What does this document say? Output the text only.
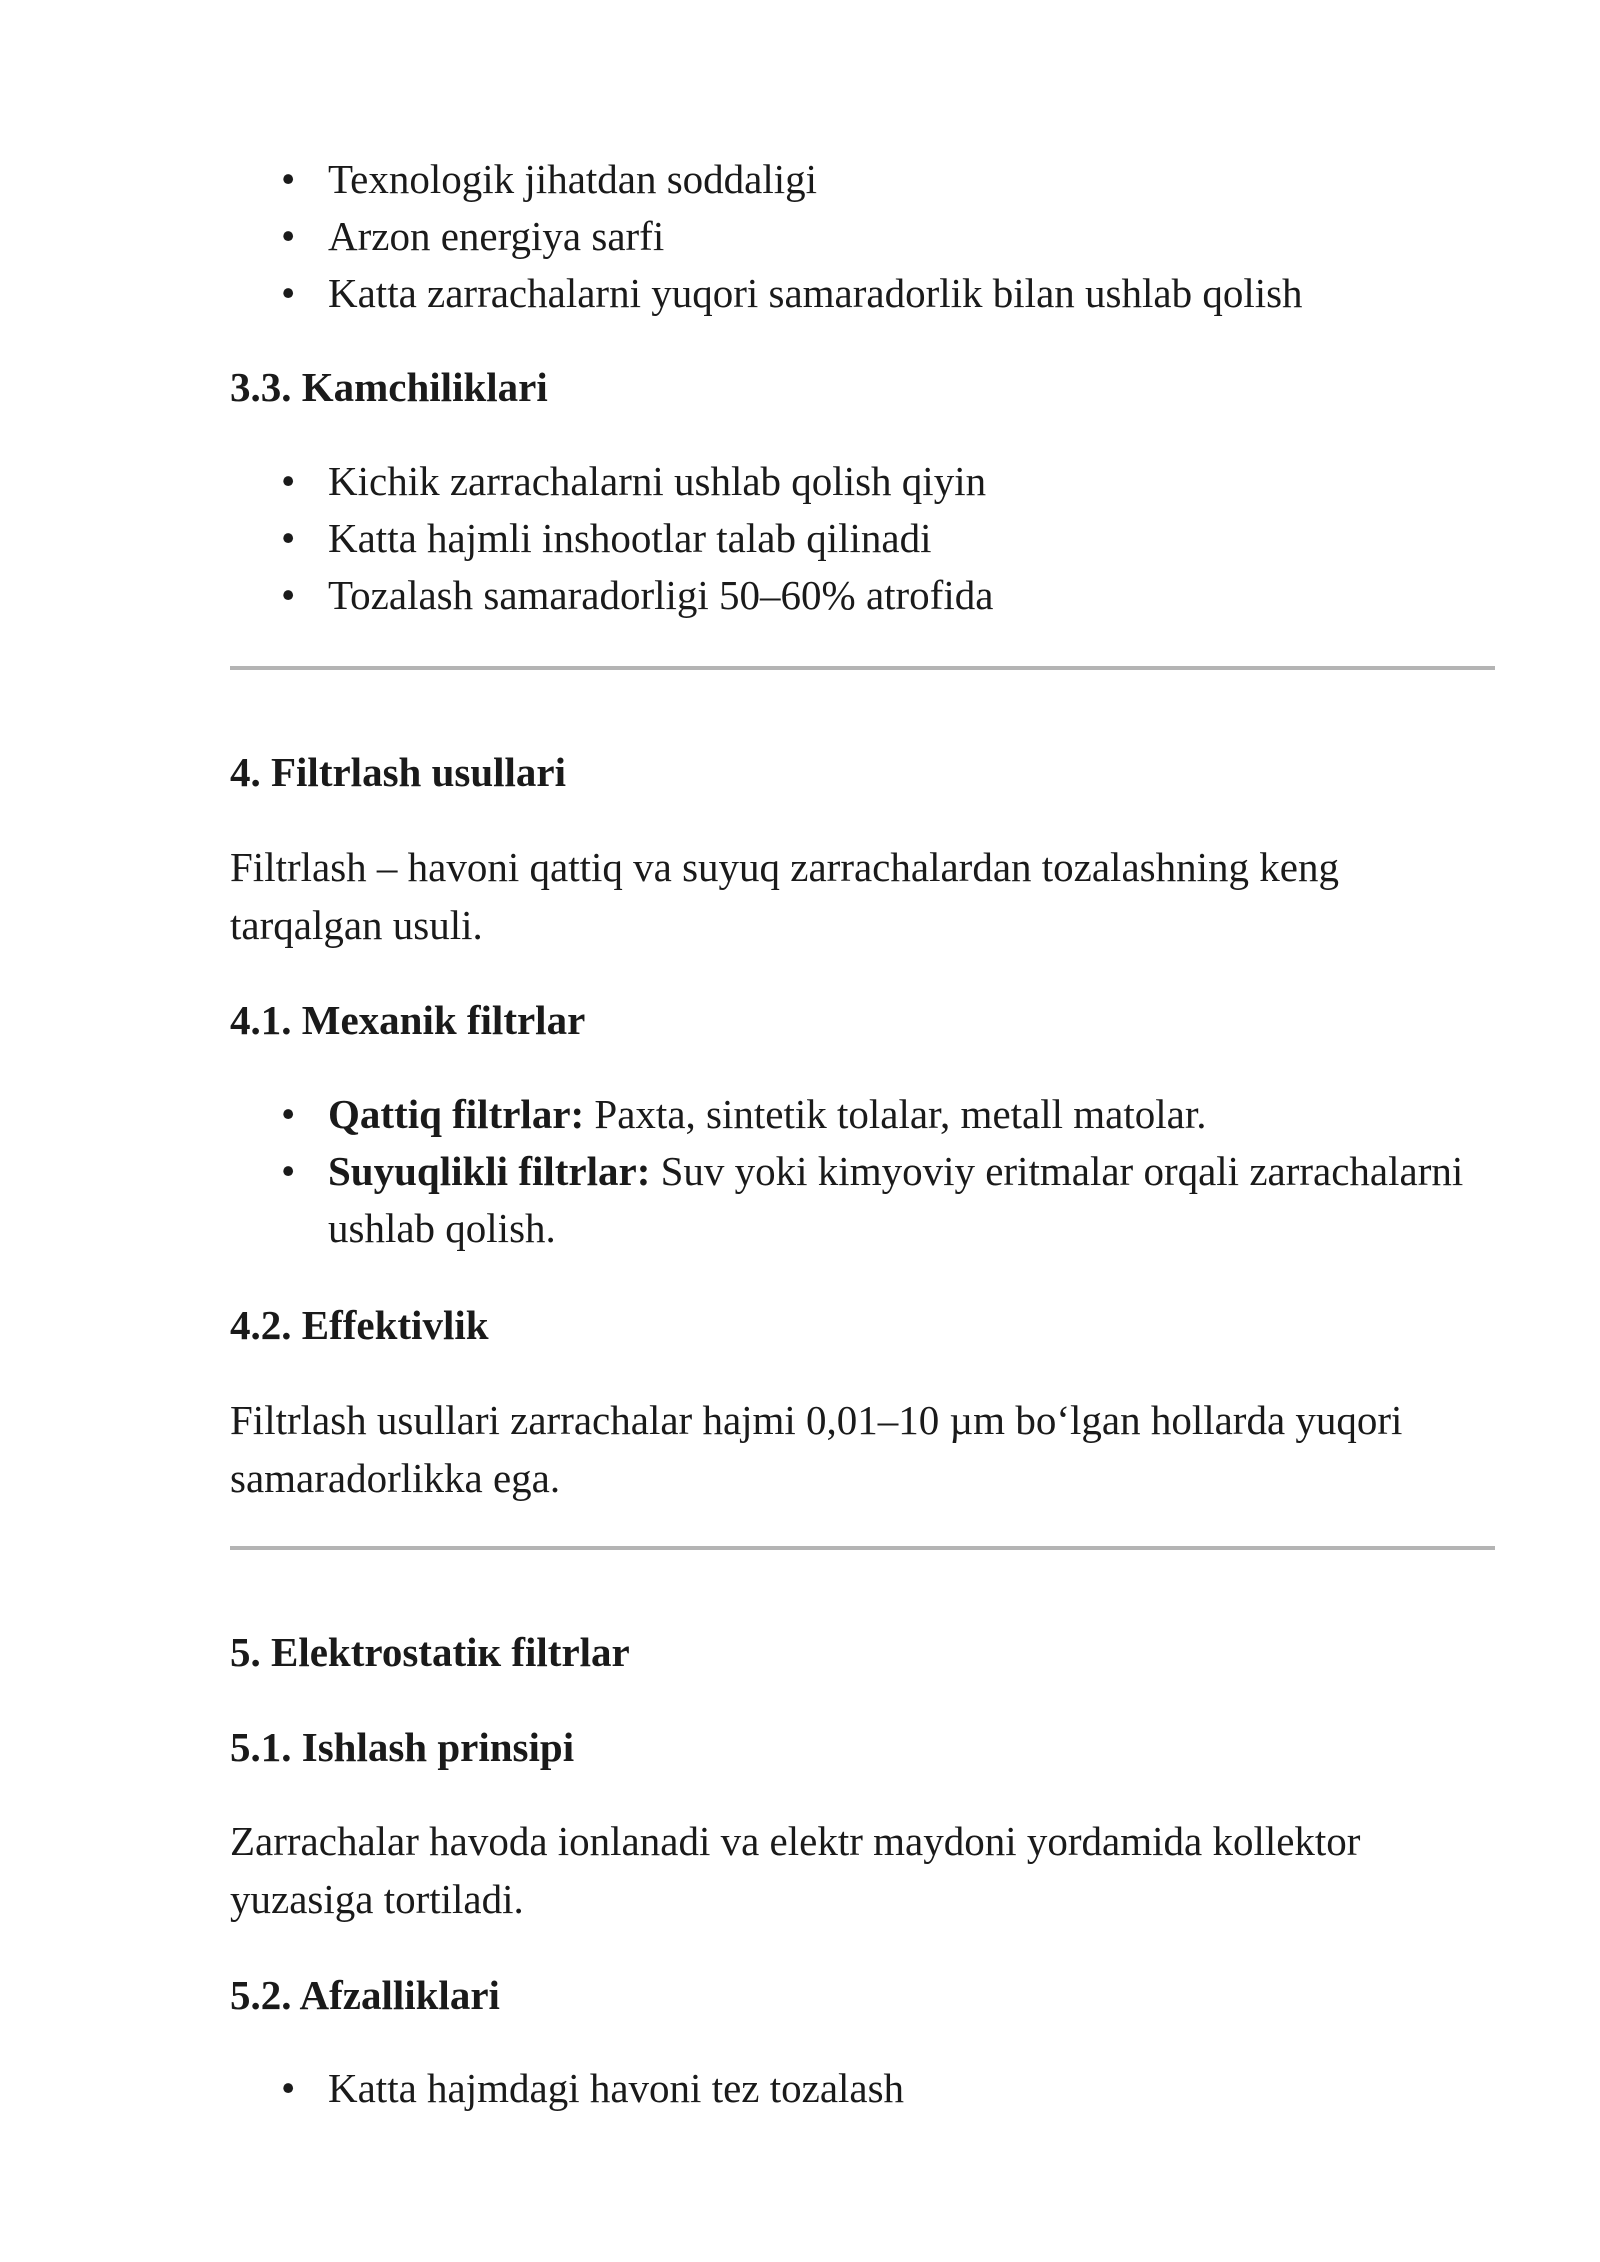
• Texnologik jihatdan soddaligi
• Arzon energiya sarfi
• Katta zarrachalarni yuqori samaradorlik bilan ushlab qolish
3.3. Kamchiliklari
• Kichik zarrachalarni ushlab qolish qiyin
• Katta hajmli inshootlar talab qilinadi
• Tozalash samaradorligi 50–60% atrofida
4. Filtrlash usullari

Filtrlash – havoni qattiq va suyuq zarrachalardan tozalashning keng tarqalgan usuli.

4.1. Mexanik filtrlar
• Qattiq filtrlar: Paxta, sintetik tolalar, metall matolar.
• Suyuqlikli filtrlar: Suv yoki kimyoviy eritmalar orqali zarrachalarni ushlab qolish.
4.2. Effektivlik

Filtrlash usullari zarrachalar hajmi 0,01–10 µm bo‘lgan hollarda yuqori samaradorlikka ega.

5. Elektrostatiк filtrlar
5.1. Ishlash prinsipi

Zarrachalar havoda ionlanadi va elektr maydoni yordamida kollektor yuzasiga tortiladi.

5.2. Afzalliklari
• Katta hajmdagi havoni tez tozalash
